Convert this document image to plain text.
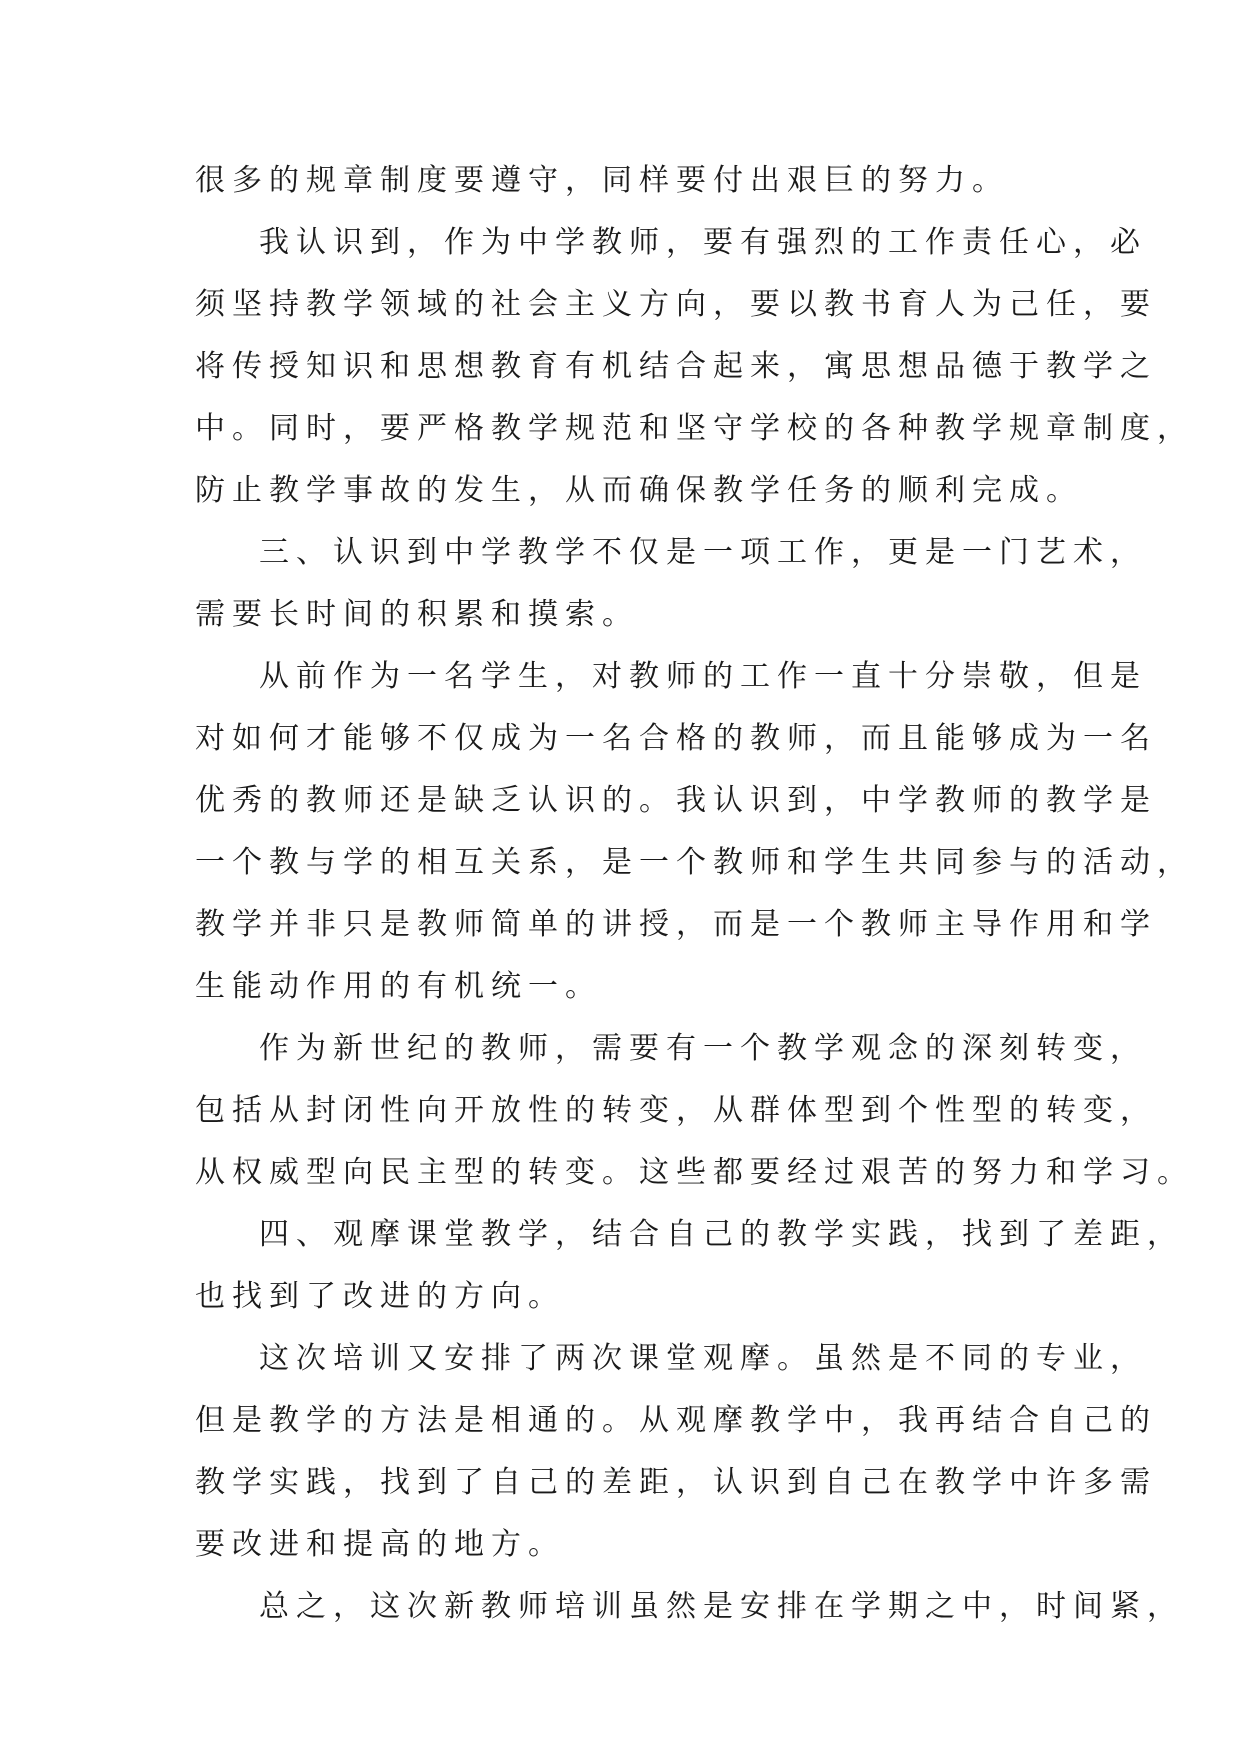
很多的规章制度要遵守，同样要付出艰巨的努力。
我认识到，作为中学教师，要有强烈的工作责任心，必
须坚持教学领域的社会主义方向，要以教书育人为己任，要
将传授知识和思想教育有机结合起来，寓思想品德于教学之
中。同时，要严格教学规范和坚守学校的各种教学规章制度，
防止教学事故的发生，从而确保教学任务的顺利完成。
三、认识到中学教学不仅是一项工作，更是一门艺术，
需要长时间的积累和摸索。
从前作为一名学生，对教师的工作一直十分崇敬，但是
对如何才能够不仅成为一名合格的教师，而且能够成为一名
优秀的教师还是缺乏认识的。我认识到，中学教师的教学是
一个教与学的相互关系，是一个教师和学生共同参与的活动，
教学并非只是教师简单的讲授，而是一个教师主导作用和学
生能动作用的有机统一。
作为新世纪的教师，需要有一个教学观念的深刻转变，
包括从封闭性向开放性的转变，从群体型到个性型的转变，
从权威型向民主型的转变。这些都要经过艰苦的努力和学习。
四、观摩课堂教学，结合自己的教学实践，找到了差距，
也找到了改进的方向。
这次培训又安排了两次课堂观摩。虽然是不同的专业，
但是教学的方法是相通的。从观摩教学中，我再结合自己的
教学实践，找到了自己的差距，认识到自己在教学中许多需
要改进和提高的地方。
总之，这次新教师培训虽然是安排在学期之中，时间紧，
